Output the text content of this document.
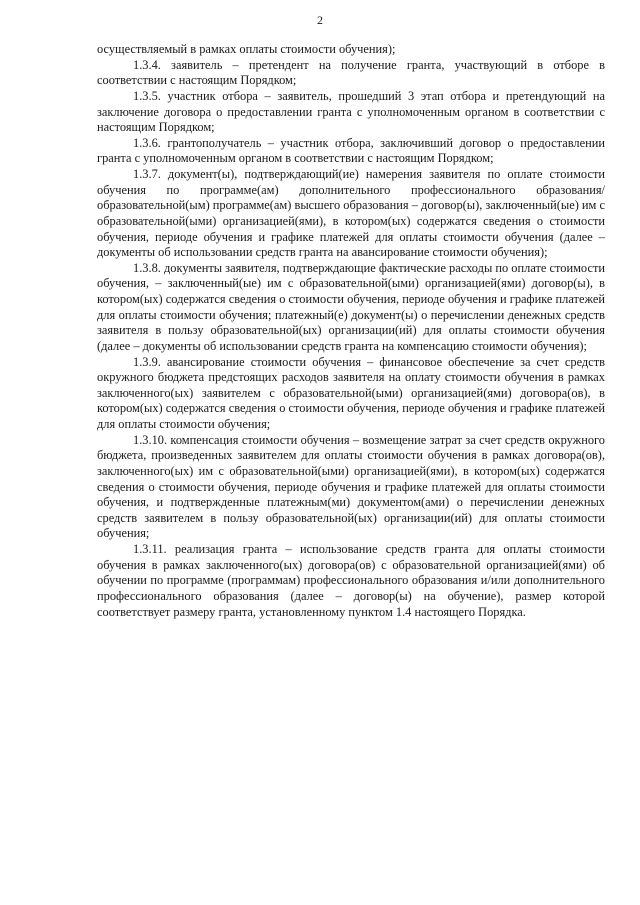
2

осуществляемый в рамках оплаты стоимости обучения);

1.3.4. заявитель – претендент на получение гранта, участвующий в отборе в соответствии с настоящим Порядком;

1.3.5. участник отбора – заявитель, прошедший 3 этап отбора и претендующий на заключение договора о предоставлении гранта с уполномоченным органом в соответствии с настоящим Порядком;

1.3.6. грантополучатель – участник отбора, заключивший договор о предоставлении гранта с уполномоченным органом в соответствии с настоящим Порядком;

1.3.7. документ(ы), подтверждающий(ие) намерения заявителя по оплате стоимости обучения по программе(ам) дополнительного профессионального образования/образовательной(ым) программе(ам) высшего образования – договор(ы), заключенный(ые) им с образовательной(ыми) организацией(ями), в котором(ых) содержатся сведения о стоимости обучения, периоде обучения и графике платежей для оплаты стоимости обучения (далее – документы об использовании средств гранта на авансирование стоимости обучения);

1.3.8. документы заявителя, подтверждающие фактические расходы по оплате стоимости обучения, – заключенный(ые) им с образовательной(ыми) организацией(ями) договор(ы), в котором(ых) содержатся сведения о стоимости обучения, периоде обучения и графике платежей для оплаты стоимости обучения; платежный(е) документ(ы) о перечислении денежных средств заявителя в пользу образовательной(ых) организации(ий) для оплаты стоимости обучения (далее – документы об использовании средств гранта на компенсацию стоимости обучения);

1.3.9. авансирование стоимости обучения – финансовое обеспечение за счет средств окружного бюджета предстоящих расходов заявителя на оплату стоимости обучения в рамках заключенного(ых) заявителем с образовательной(ыми) организацией(ями) договора(ов), в котором(ых) содержатся сведения о стоимости обучения, периоде обучения и графике платежей для оплаты стоимости обучения;

1.3.10. компенсация стоимости обучения – возмещение затрат за счет средств окружного бюджета, произведенных заявителем для оплаты стоимости обучения в рамках договора(ов), заключенного(ых) им с образовательной(ыми) организацией(ями), в котором(ых) содержатся сведения о стоимости обучения, периоде обучения и графике платежей для оплаты стоимости обучения, и подтвержденные платежным(ми) документом(ами) о перечислении денежных средств заявителем в пользу образовательной(ых) организации(ий) для оплаты стоимости обучения;

1.3.11. реализация гранта – использование средств гранта для оплаты стоимости обучения в рамках заключенного(ых) договора(ов) с образовательной организацией(ями) об обучении по программе (программам) профессионального образования и/или дополнительного профессионального образования (далее – договор(ы) на обучение), размер которой соответствует размеру гранта, установленному пунктом 1.4 настоящего Порядка.
